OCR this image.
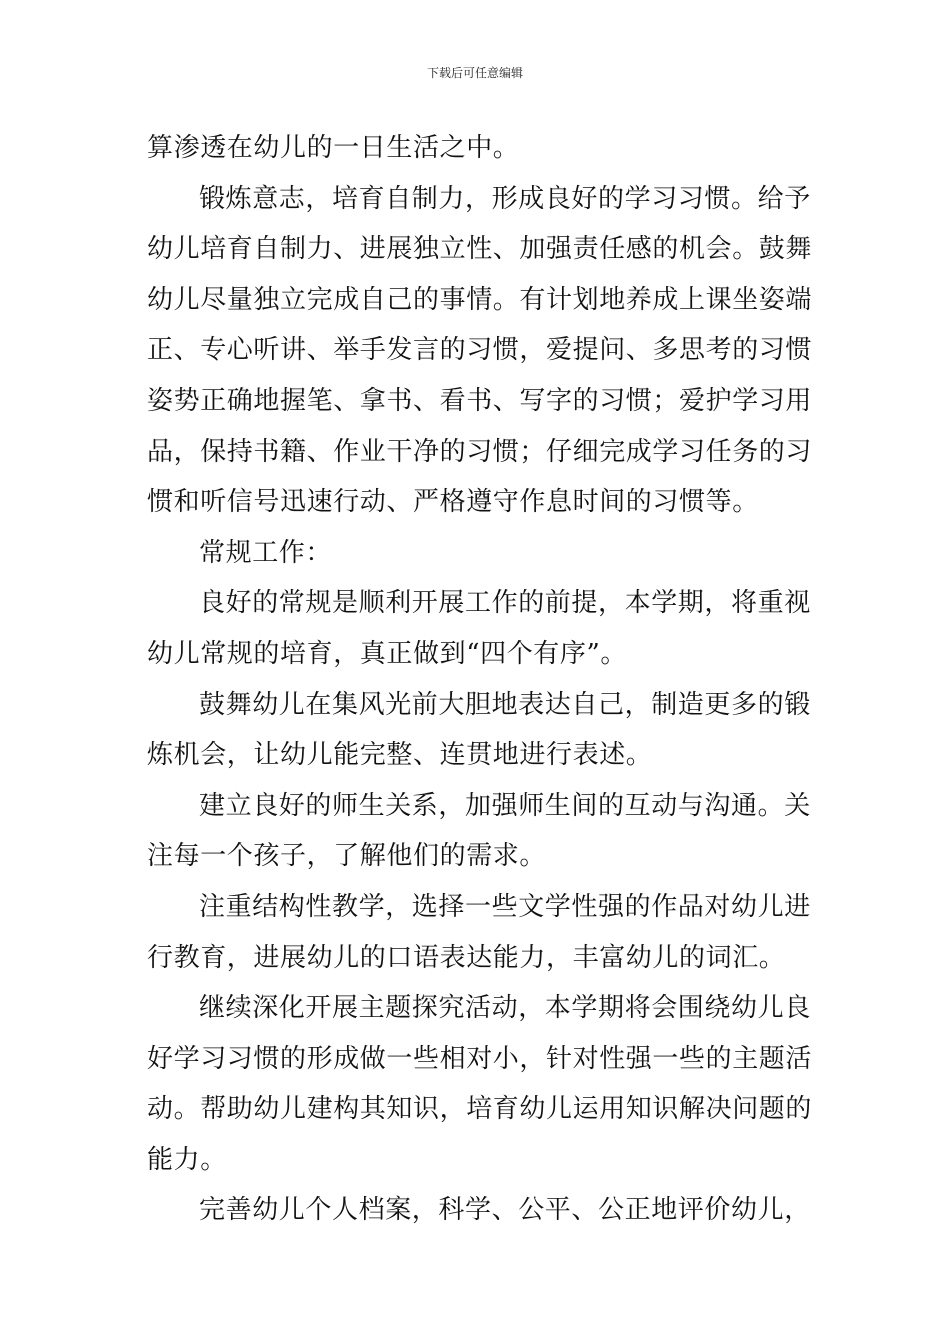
下载后可任意编辑
算渗透在幼儿的一日生活之中。
锻炼意志，培育自制力，形成良好的学习习惯。给予
幼儿培育自制力、进展独立性、加强责任感的机会。鼓舞
幼儿尽量独立完成自己的事情。有计划地养成上课坐姿端
正、专心听讲、举手发言的习惯，爱提问、多思考的习惯
姿势正确地握笔、拿书、看书、写字的习惯；爱护学习用
品，保持书籍、作业干净的习惯；仔细完成学习任务的习
惯和听信号迅速行动、严格遵守作息时间的习惯等。
常规工作：
良好的常规是顺利开展工作的前提，本学期，将重视
幼儿常规的培育，真正做到“四个有序”。
鼓舞幼儿在集风光前大胆地表达自己，制造更多的锻
炼机会，让幼儿能完整、连贯地进行表述。
建立良好的师生关系，加强师生间的互动与沟通。关
注每一个孩子，了解他们的需求。
注重结构性教学，选择一些文学性强的作品对幼儿进
行教育，进展幼儿的口语表达能力，丰富幼儿的词汇。
继续深化开展主题探究活动，本学期将会围绕幼儿良
好学习习惯的形成做一些相对小，针对性强一些的主题活
动。帮助幼儿建构其知识，培育幼儿运用知识解决问题的
能力。
完善幼儿个人档案，科学、公平、公正地评价幼儿，
